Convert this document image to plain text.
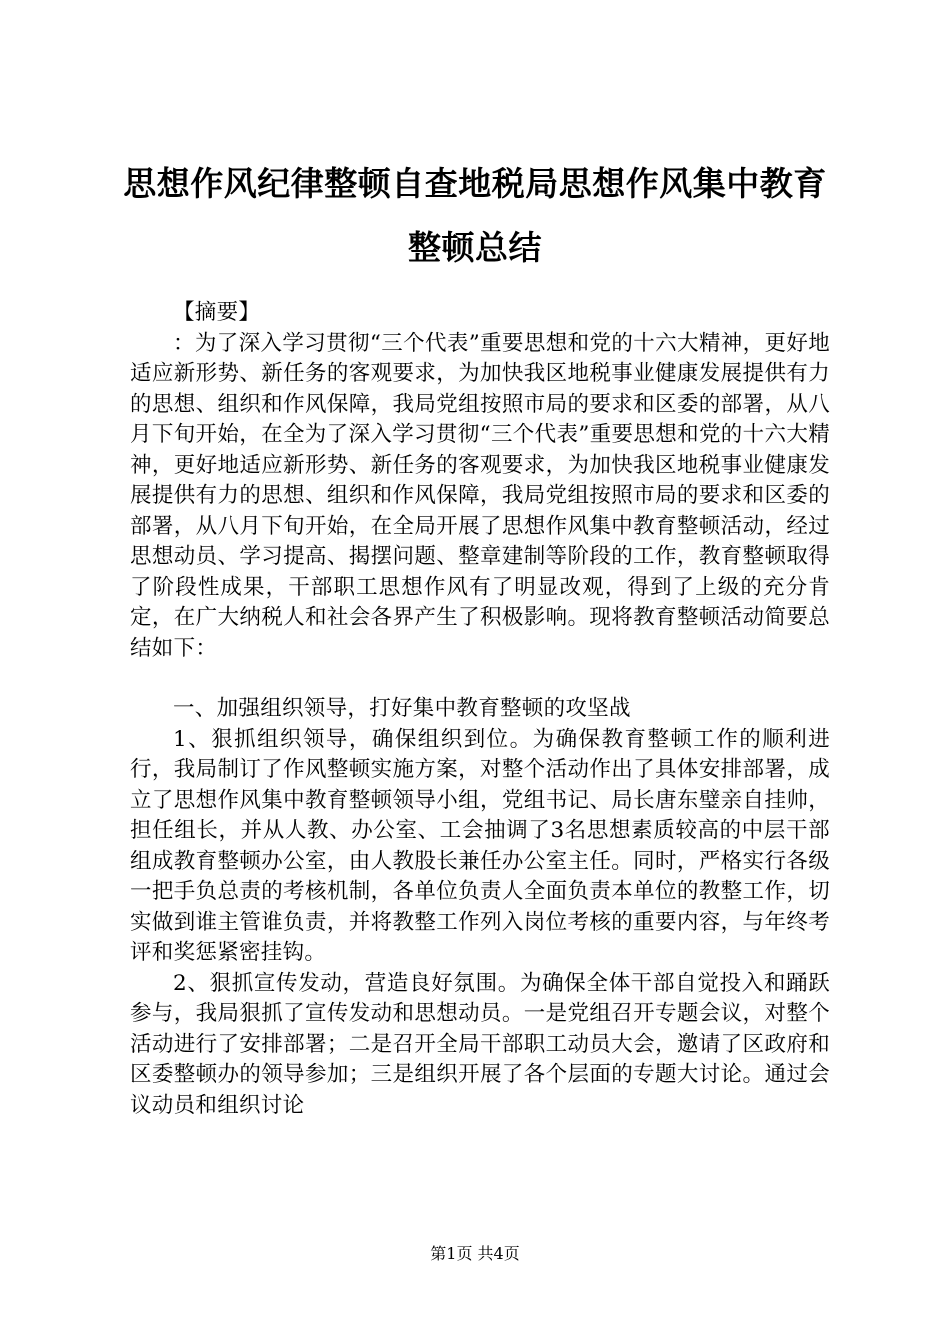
思想作风纪律整顿自查地税局思想作风集中教育整顿总结

【摘要】

：为了深入学习贯彻“三个代表”重要思想和党的十六大精神，更好地适应新形势、新任务的客观要求，为加快我区地税事业健康发展提供有力的思想、组织和作风保障，我局党组按照市局的要求和区委的部署，从八月下旬开始，在全为了深入学习贯彻“三个代表”重要思想和党的十六大精神，更好地适应新形势、新任务的客观要求，为加快我区地税事业健康发展提供有力的思想、组织和作风保障，我局党组按照市局的要求和区委的部署，从八月下旬开始，在全局开展了思想作风集中教育整顿活动，经过思想动员、学习提高、揭摆问题、整章建制等阶段的工作，教育整顿取得了阶段性成果，干部职工思想作风有了明显改观，得到了上级的充分肯定，在广大纳税人和社会各界产生了积极影响。现将教育整顿活动简要总结如下：

一、加强组织领导，打好集中教育整顿的攻坚战

1、狠抓组织领导，确保组织到位。为确保教育整顿工作的顺利进行，我局制订了作风整顿实施方案，对整个活动作出了具体安排部署，成立了思想作风集中教育整顿领导小组，党组书记、局长唐东璧亲自挂帅，担任组长，并从人教、办公室、工会抽调了3名思想素质较高的中层干部组成教育整顿办公室，由人教股长兼任办公室主任。同时，严格实行各级一把手负总责的考核机制，各单位负责人全面负责本单位的教整工作，切实做到谁主管谁负责，并将教整工作列入岗位考核的重要内容，与年终考评和奖惩紧密挂钩。

2、狠抓宣传发动，营造良好氛围。为确保全体干部自觉投入和踊跃参与，我局狠抓了宣传发动和思想动员。一是党组召开专题会议，对整个活动进行了安排部署；二是召开全局干部职工动员大会，邀请了区政府和区委整顿办的领导参加；三是组织开展了各个层面的专题大讨论。通过会议动员和组织讨论

第1页 共4页
